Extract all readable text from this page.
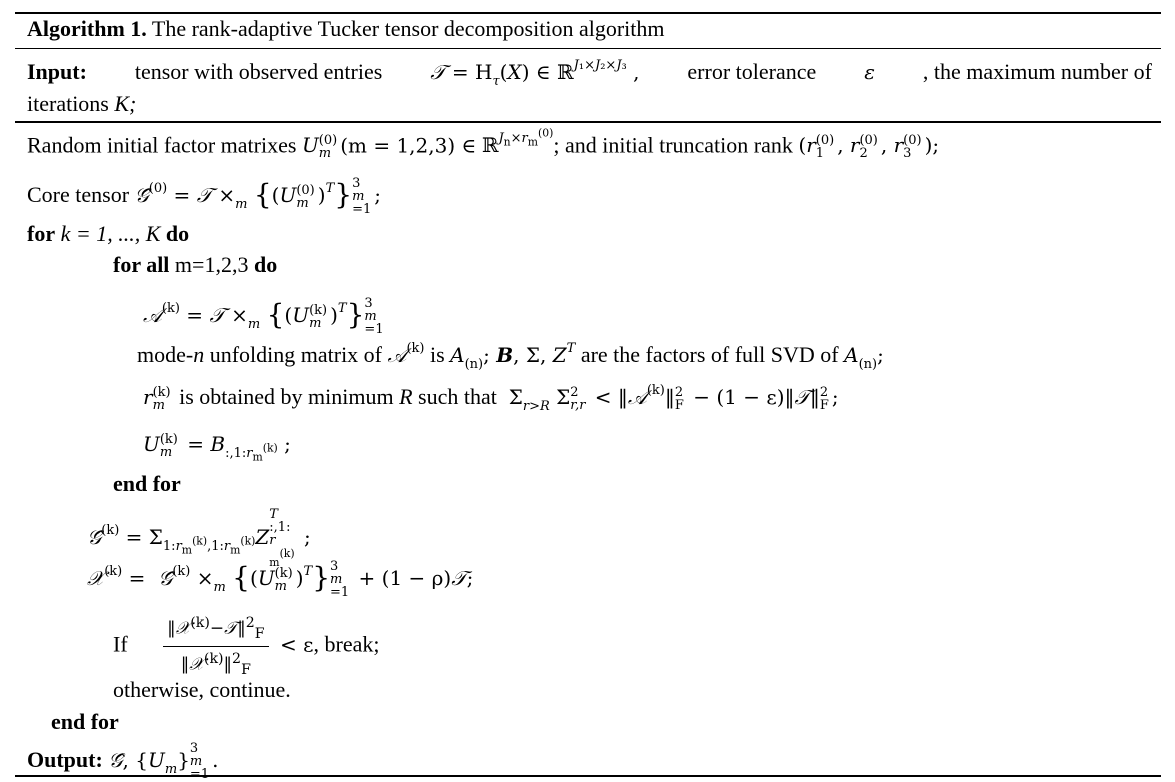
Algorithm 1. The rank-adaptive Tucker tensor decomposition algorithm
Input: tensor with observed entries 𝒯 = $H_\tau(X)$ ∈ ℝ$^{J_1\times J_2\times J_3}$ , error tolerance ε , the maximum number of
iterations K;
Random initial factor matrixes U (0)
m (m = 1,2,3) ∈ ℝ$^{J_n\times r_m^{(0)}}$; and initial truncation rank (r (0)
1 , r (0)
2 , r (0)
3 );
Core tensor 𝒢̂$^{(0)}$ = 𝒯 $\times_m$ {(U (0)
m )$^T$} 3
m
=1
;
for k = 1, ..., K do
for all m=1,2,3 do
𝒜$^{(k)}$ = 𝒯 $\times_m$ {(U (k)
m )$^T$} 3
m
=1
mode-n unfolding matrix of 𝒜$^{(k)}$ is $A_{(n)}$; B, Σ, $Z^T$ are the factors of full SVD of $A_{(n)}$;
r (k)
m is obtained by minimum R such that  $\Sigma_{r>R}$ Σ 2
r,r < ‖𝒜$^{(k)}$‖ 2
F − (1 − ε)‖𝒯‖ 2
F ;
U (k)
$m = B_{:,1:r_m^{(k)}}$ ;
end for
𝒢̂$^{(k)}$ = $\Sigma_{1:r_m^{(k)},1:r_m^{(k)}}Z$
T
:,1:
r
$_m^{(k)}$
;
𝒳$^{(k)}$ =  𝒢̂$^{(k)}$ $\times_m$ {(U (k)
m )$^T$} 3
m
=1
+ (1 − ρ)𝒯;
If $\frac{‖𝒳^{(k)}-𝒯‖^2_F}{‖𝒳^{(k)}‖^2_F} < \varepsilon$, break;
otherwise, continue.
end for
Output: 𝒢̂, $\{U_m\}$ 3
m
=1
.
